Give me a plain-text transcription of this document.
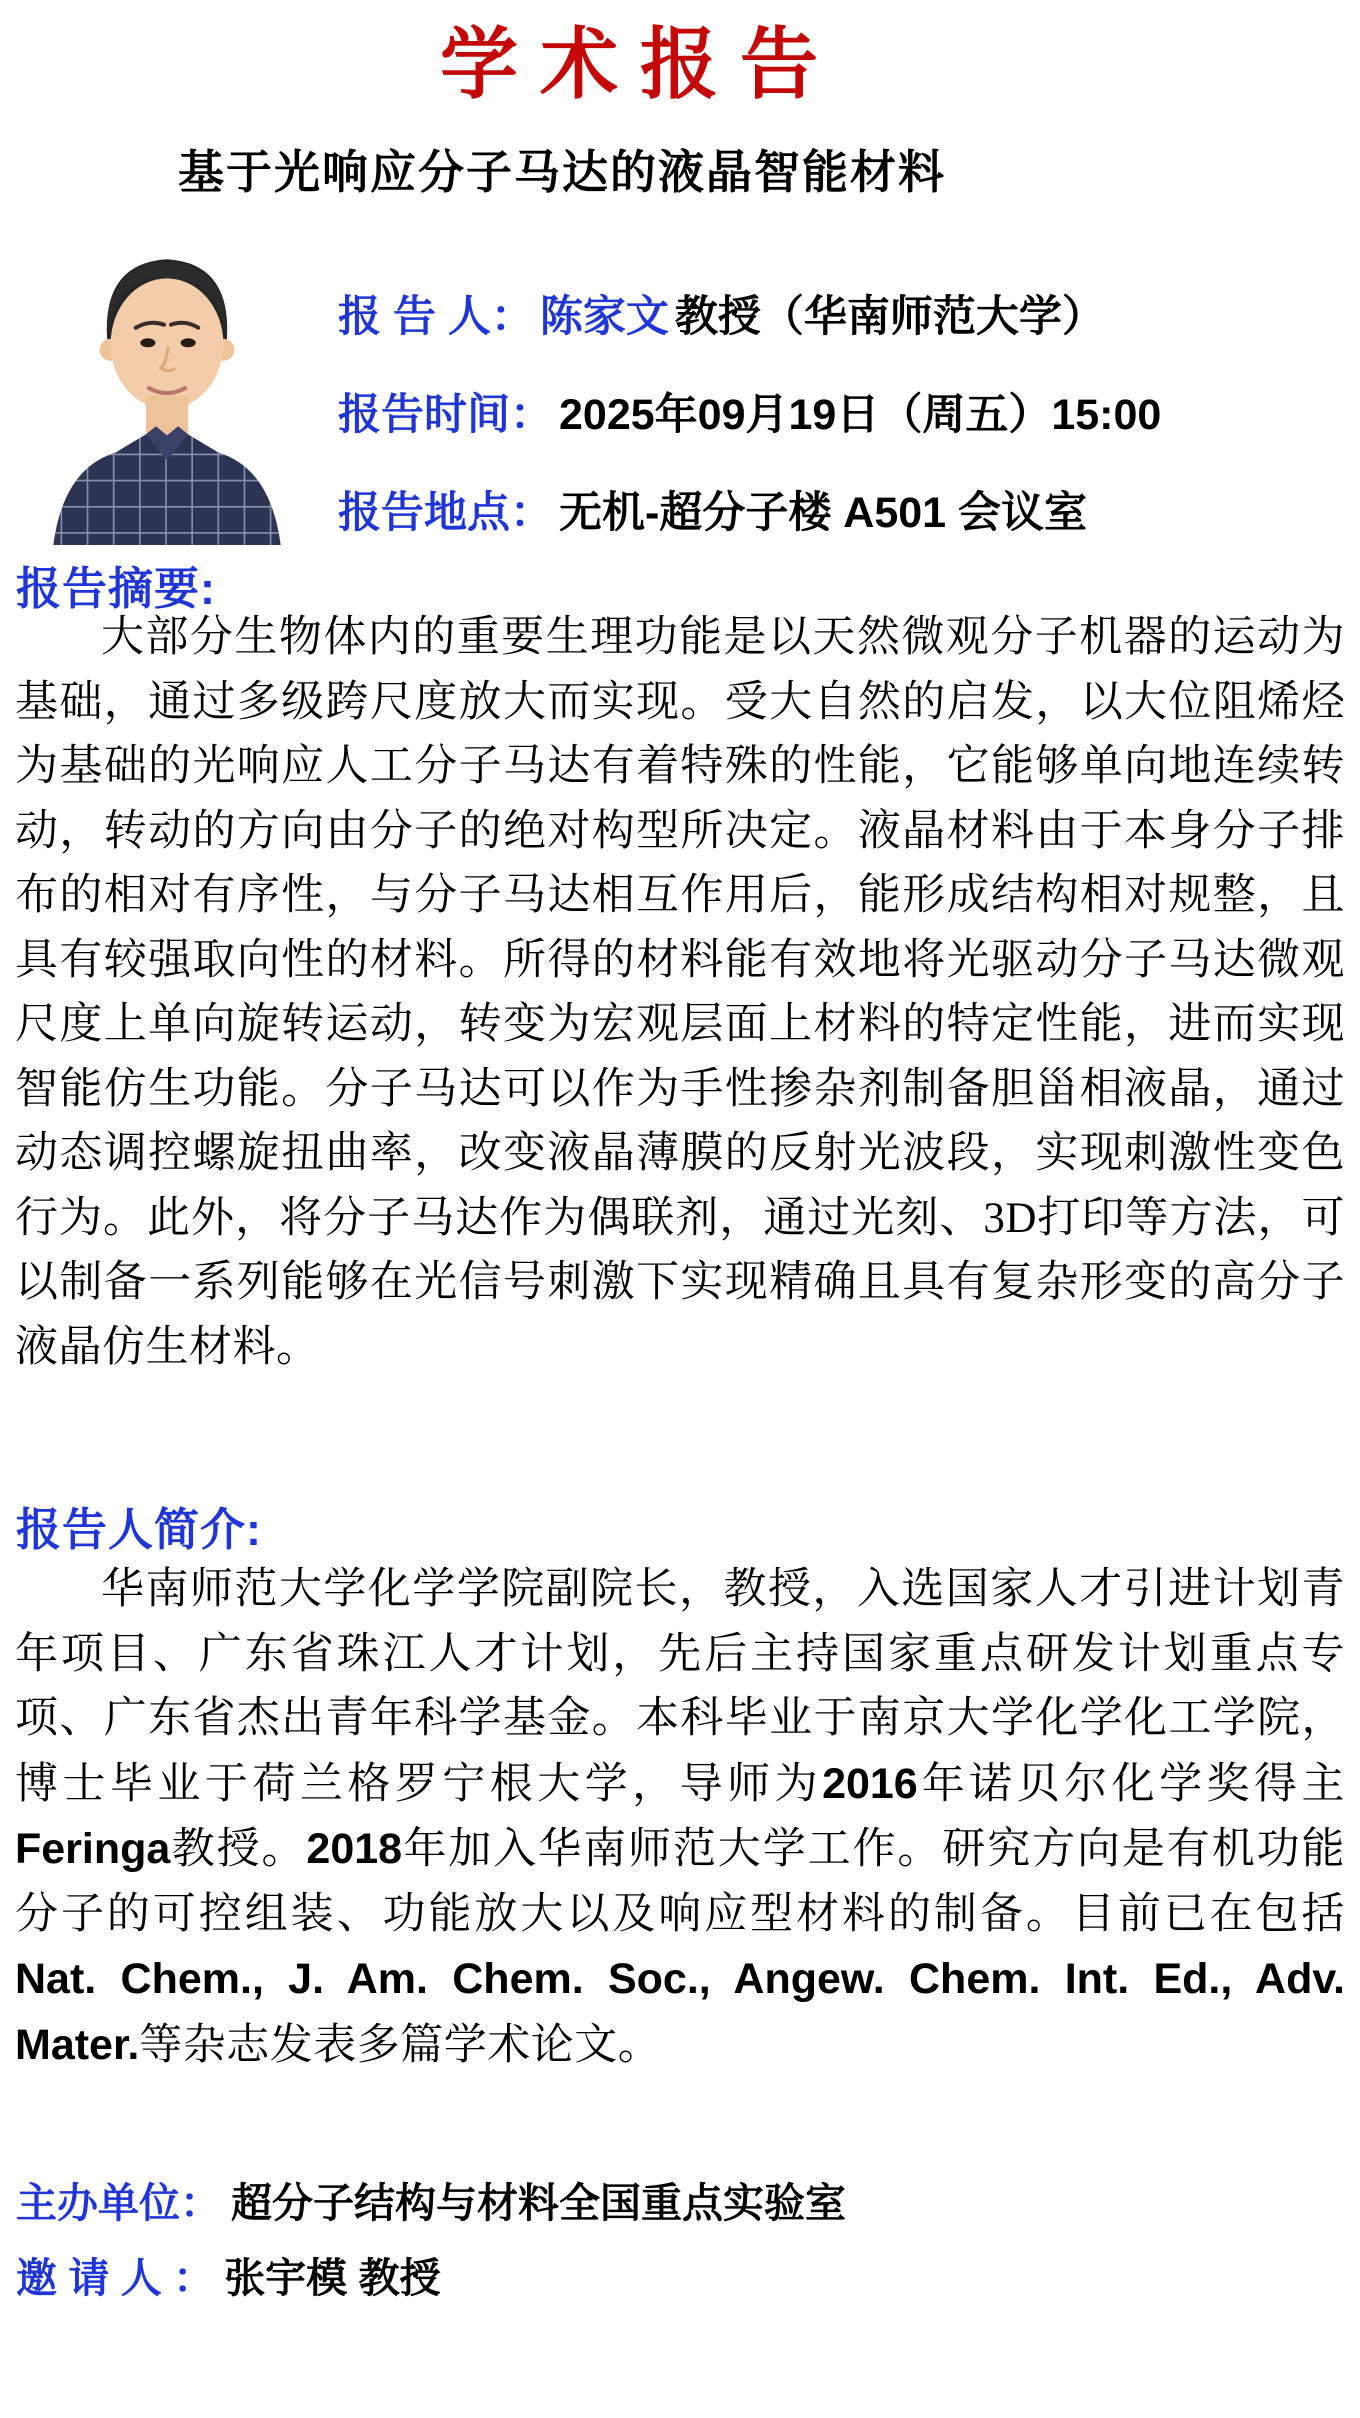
学术报告
基于光响应分子马达的液晶智能材料
报 告 人： 陈家文 教授（华南师范大学）
报告时间： 2025年09月19日（周五）15:00
报告地点： 无机-超分子楼 A501 会议室
报告摘要:

大部分生物体内的重要生理功能是以天然微观分子机器的运动为基础，通过多级跨尺度放大而实现。受大自然的启发，以大位阻烯烃为基础的光响应人工分子马达有着特殊的性能，它能够单向地连续转动，转动的方向由分子的绝对构型所决定。液晶材料由于本身分子排布的相对有序性，与分子马达相互作用后，能形成结构相对规整，且具有较强取向性的材料。所得的材料能有效地将光驱动分子马达微观尺度上单向旋转运动，转变为宏观层面上材料的特定性能，进而实现智能仿生功能。分子马达可以作为手性掺杂剂制备胆甾相液晶，通过动态调控螺旋扭曲率，改变液晶薄膜的反射光波段，实现刺激性变色行为。此外，将分子马达作为偶联剂，通过光刻、3D打印等方法，可以制备一系列能够在光信号刺激下实现精确且具有复杂形变的高分子液晶仿生材料。

报告人简介:

华南师范大学化学学院副院长，教授，入选国家人才引进计划青年项目、广东省珠江人才计划，先后主持国家重点研发计划重点专项、广东省杰出青年科学基金。本科毕业于南京大学化学化工学院，博士毕业于荷兰格罗宁根大学，导师为2016年诺贝尔化学奖得主Feringa教授。2018年加入华南师范大学工作。研究方向是有机功能分子的可控组装、功能放大以及响应型材料的制备。目前已在包括Nat. Chem., J. Am. Chem. Soc., Angew. Chem. Int. Ed., Adv. Mater.等杂志发表多篇学术论文。

主办单位： 超分子结构与材料全国重点实验室
邀 请 人 ： 张宇模 教授
